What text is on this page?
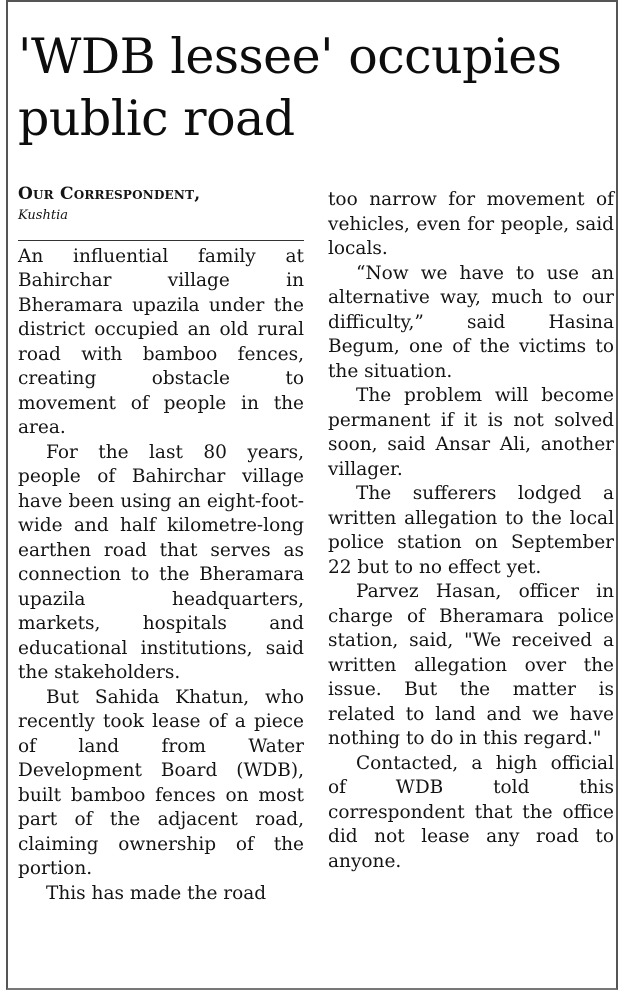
'WDB lessee' occupies public road
Our Correspondent,
Kushtia

An influential family at Bahirchar village in Bheramara upazila under the district occupied an old rural road with bamboo fences, creating obstacle to movement of people in the area.

For the last 80 years, people of Bahirchar village have been using an eight-foot-wide and half kilometre-long earthen road that serves as connection to the Bheramara upazila headquarters, markets, hospitals and educational institutions, said the stakeholders.

But Sahida Khatun, who recently took lease of a piece of land from Water Development Board (WDB), built bamboo fences on most part of the adjacent road, claiming ownership of the portion.

This has made the road

too narrow for movement of vehicles, even for people, said locals.

“Now we have to use an alternative way, much to our difficulty,” said Hasina Begum, one of the victims to the situation.

The problem will become permanent if it is not solved soon, said Ansar Ali, another villager.

The sufferers lodged a written allegation to the local police station on September 22 but to no effect yet.

Parvez Hasan, officer in charge of Bheramara police station, said, "We received a written allegation over the issue. But the matter is related to land and we have nothing to do in this regard."

Contacted, a high official of WDB told this correspondent that the office did not lease any road to anyone.
